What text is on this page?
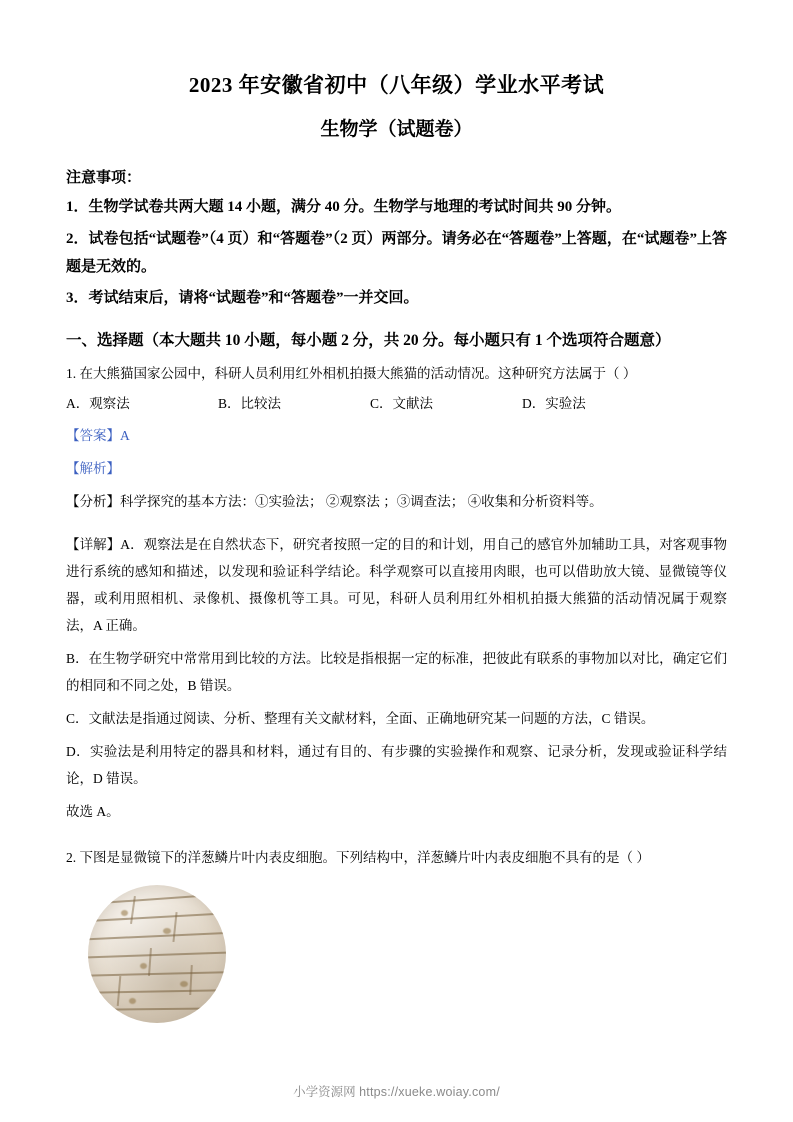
2023 年安徽省初中（八年级）学业水平考试
生物学（试题卷）
注意事项：
1．生物学试卷共两大题 14 小题，满分 40 分。生物学与地理的考试时间共 90 分钟。
2．试卷包括“试题卷”（4 页）和“答题卷”（2 页）两部分。请务必在“答题卷”上答题，在“试题卷”上答题是无效的。
3．考试结束后，请将“试题卷”和“答题卷”一并交回。
一、选择题（本大题共 10 小题，每小题 2 分，共 20 分。每小题只有 1 个选项符合题意）
1. 在大熊猫国家公园中，科研人员利用红外相机拍摄大熊猫的活动情况。这种研究方法属于（ ）
A．观察法	B．比较法	C．文献法	D．实验法
【答案】A
【解析】
【分析】科学探究的基本方法：①实验法； ②观察法 ；③调查法； ④收集和分析资料等。
【详解】A．观察法是在自然状态下，研究者按照一定的目的和计划，用自己的感官外加辅助工具，对客观事物进行系统的感知和描述，以发现和验证科学结论。科学观察可以直接用肉眼，也可以借助放大镜、显微镜等仪器，或利用照相机、录像机、摄像机等工具。可见，科研人员利用红外相机拍摄大熊猫的活动情况属于观察法，A 正确。
B．在生物学研究中常常用到比较的方法。比较是指根据一定的标准，把彼此有联系的事物加以对比，确定它们的相同和不同之处，B 错误。
C．文献法是指通过阅读、分析、整理有关文献材料，全面、正确地研究某一问题的方法，C 错误。
D．实验法是利用特定的器具和材料，通过有目的、有步骤的实验操作和观察、记录分析，发现或验证科学结论，D 错误。
故选 A。
2. 下图是显微镜下的洋葱鳞片叶内表皮细胞。下列结构中，洋葱鳞片叶内表皮细胞不具有的是（ ）
小学资源网 https://xueke.woiay.com/
